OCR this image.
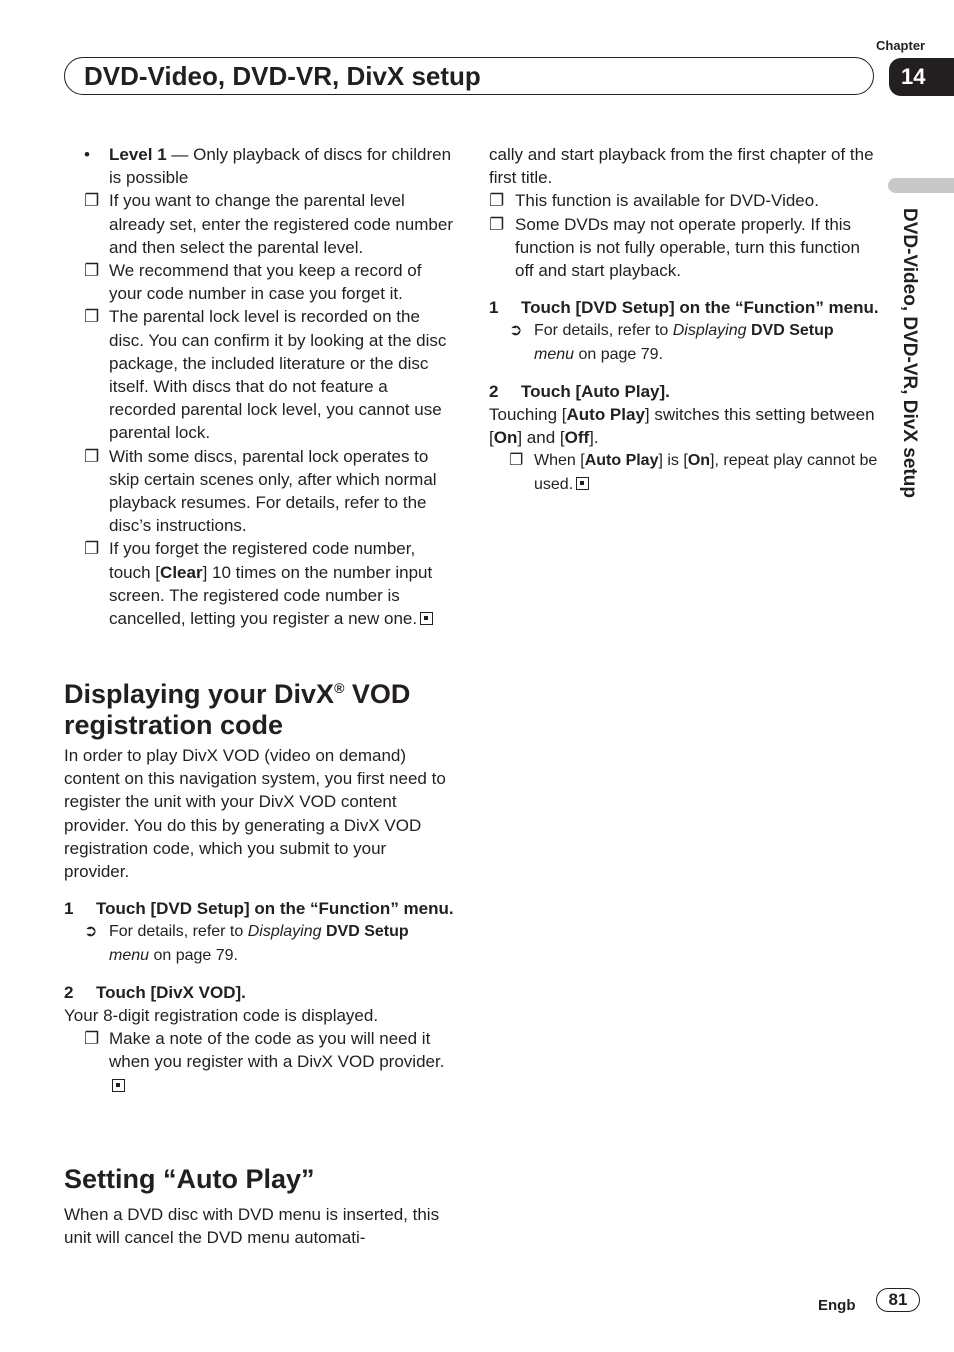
Chapter
14
DVD-Video, DVD-VR, DivX setup
DVD-Video, DVD-VR, DivX setup
• Level 1 — Only playback of discs for children is possible
❐ If you want to change the parental level already set, enter the registered code number and then select the parental level.
❐ We recommend that you keep a record of your code number in case you forget it.
❐ The parental lock level is recorded on the disc. You can confirm it by looking at the disc package, the included literature or the disc itself. With discs that do not feature a recorded parental lock level, you cannot use parental lock.
❐ With some discs, parental lock operates to skip certain scenes only, after which normal playback resumes. For details, refer to the disc’s instructions.
❐ If you forget the registered code number, touch [Clear] 10 times on the number input screen. The registered code number is cancelled, letting you register a new one.
Displaying your DivX® VOD registration code

In order to play DivX VOD (video on demand) content on this navigation system, you first need to register the unit with your DivX VOD content provider. You do this by generating a DivX VOD registration code, which you submit to your provider.

1 Touch [DVD Setup] on the “Function” menu.
➲ For details, refer to Displaying DVD Setup
menu on page 79.
2 Touch [DivX VOD].

Your 8-digit registration code is displayed.

❐ Make a note of the code as you will need it when you register with a DivX VOD provider.
Setting “Auto Play”
When a DVD disc with DVD menu is inserted, this unit will cancel the DVD menu automati-

cally and start playback from the first chapter of the first title.

❐ This function is available for DVD-Video.
❐ Some DVDs may not operate properly. If this function is not fully operable, turn this function off and start playback.
1 Touch [DVD Setup] on the “Function” menu.
➲ For details, refer to Displaying DVD Setup
menu on page 79.
2 Touch [Auto Play].

Touching [Auto Play] switches this setting between [On] and [Off].

❐ When [Auto Play] is [On], repeat play cannot be used.
Engb	81
